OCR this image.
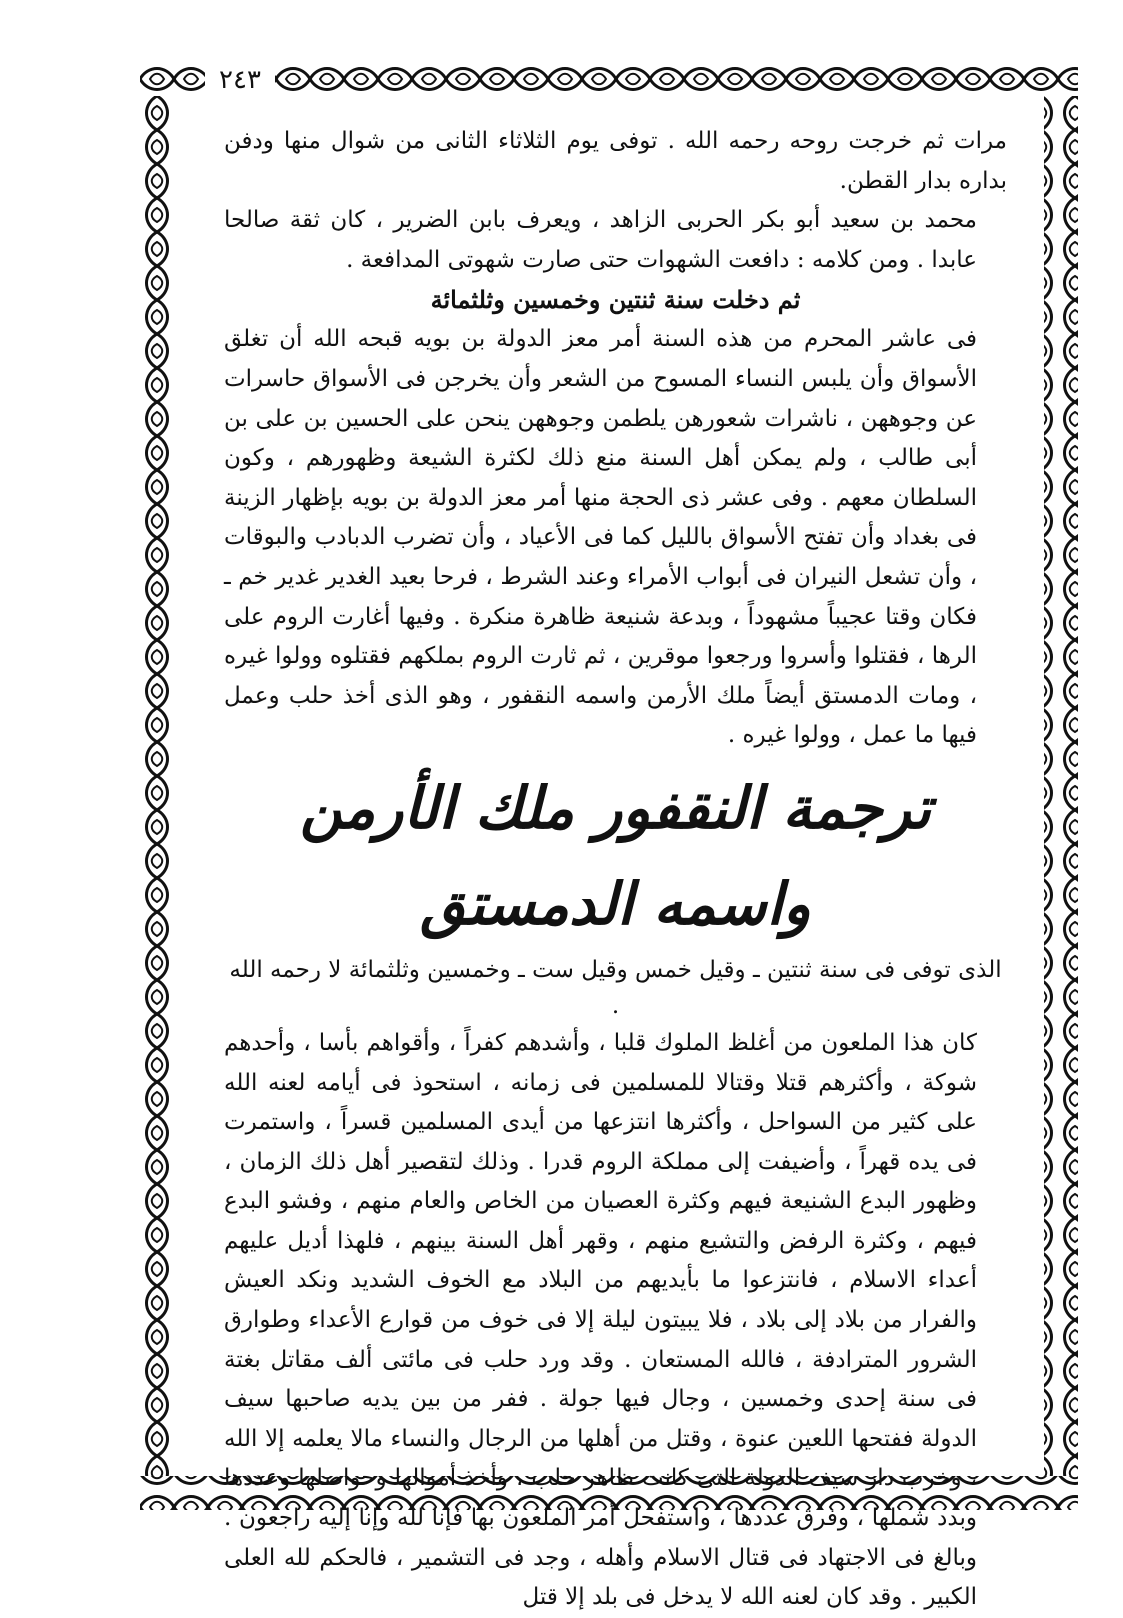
٢٤٣

مرات ثم خرجت روحه رحمه الله . توفى يوم الثلاثاء الثانى من شوال منها ودفن بداره بدار القطن.

محمد بن سعيد أبو بكر الحربى الزاهد ، ويعرف بابن الضرير ، كان ثقة صالحا عابدا . ومن كلامه : دافعت الشهوات حتى صارت شهوتى المدافعة .

ثم دخلت سنة ثنتين وخمسين وثلثمائة

فى عاشر المحرم من هذه السنة أمر معز الدولة بن بويه قبحه الله أن تغلق الأسواق وأن يلبس النساء المسوح من الشعر وأن يخرجن فى الأسواق حاسرات عن وجوههن ، ناشرات شعورهن يلطمن وجوههن ينحن على الحسين بن على بن أبى طالب ، ولم يمكن أهل السنة منع ذلك لكثرة الشيعة وظهورهم ، وكون السلطان معهم . وفى عشر ذى الحجة منها أمر معز الدولة بن بويه بإظهار الزينة فى بغداد وأن تفتح الأسواق بالليل كما فى الأعياد ، وأن تضرب الدبادب والبوقات ، وأن تشعل النيران فى أبواب الأمراء وعند الشرط ، فرحا بعيد الغدير غدير خم ـ فكان وقتا عجيباً مشهوداً ، وبدعة شنيعة ظاهرة منكرة . وفيها أغارت الروم على الرها ، فقتلوا وأسروا ورجعوا موقرين ، ثم ثارت الروم بملكهم فقتلوه وولوا غيره ، ومات الدمستق أيضاً ملك الأرمن واسمه النقفور ، وهو الذى أخذ حلب وعمل فيها ما عمل ، وولوا غيره .

ترجمة النقفور ملك الأرمن واسمه الدمستق

الذى توفى فى سنة ثنتين ـ وقيل خمس وقيل ست ـ وخمسين وثلثمائة لا رحمه الله .

كان هذا الملعون من أغلظ الملوك قلبا ، وأشدهم كفراً ، وأقواهم بأسا ، وأحدهم شوكة ، وأكثرهم قتلا وقتالا للمسلمين فى زمانه ، استحوذ فى أيامه لعنه الله على كثير من السواحل ، وأكثرها انتزعها من أيدى المسلمين قسراً ، واستمرت فى يده قهراً ، وأضيفت إلى مملكة الروم قدرا . وذلك لتقصير أهل ذلك الزمان ، وظهور البدع الشنيعة فيهم وكثرة العصيان من الخاص والعام منهم ، وفشو البدع فيهم ، وكثرة الرفض والتشيع منهم ، وقهر أهل السنة بينهم ، فلهذا أديل عليهم أعداء الاسلام ، فانتزعوا ما بأيديهم من البلاد مع الخوف الشديد ونكد العيش والفرار من بلاد إلى بلاد ، فلا يبيتون ليلة إلا فى خوف من قوارع الأعداء وطوارق الشرور المترادفة ، فالله المستعان . وقد ورد حلب فى مائتى ألف مقاتل بغتة فى سنة إحدى وخمسين ، وجال فيها جولة . ففر من بين يديه صاحبها سيف الدولة ففتحها اللعين عنوة ، وقتل من أهلها من الرجال والنساء مالا يعلمه إلا الله ، وخرب دار سيف الدولة التى كانت ظاهر حلب ، وأخذ أموالها وحواصلها وعددها وبدد شملها ، وفرق عددها ، واستفحل أمر الملعون بها فإنا لله وإنا إليه راجعون . وبالغ فى الاجتهاد فى قتال الاسلام وأهله ، وجد فى التشمير ، فالحكم لله العلى الكبير . وقد كان لعنه الله لا يدخل فى بلد إلا قتل
